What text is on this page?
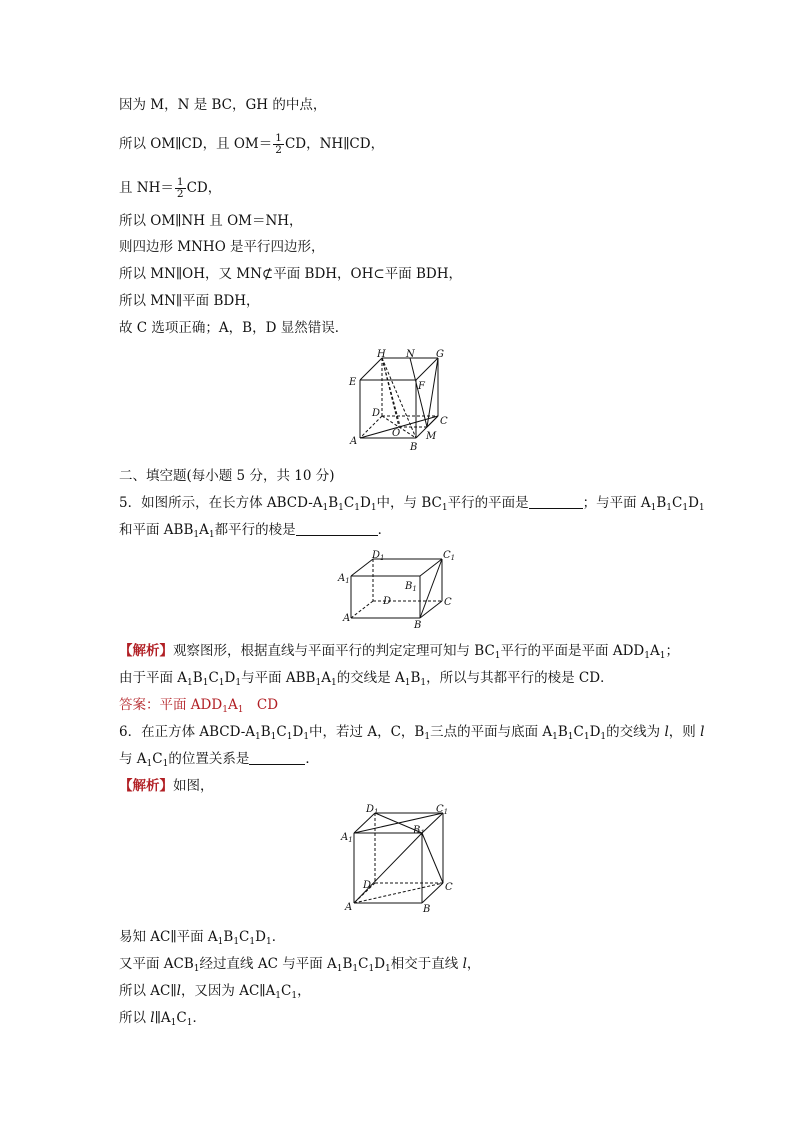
因为 M，N 是 BC，GH 的中点，
所以 OM∥CD，且 $OM= \frac{1}{2}$ CD，NH∥CD，
且 $NH= \frac{1}{2}$ CD，
所以 OM∥NH 且 OM＝NH，
则四边形 MNHO 是平行四边形，
所以 MN∥OH，又 MN⊄平面 BDH，OH⊂平面 BDH，
所以 MN∥平面 BDH，
故 C 选项正确；A，B，D 显然错误．
H N G
E	F
D
O
C
A	M
B
二、填空题(每小题 5 分，共 10 分)
5．如图所示，在长方体 ABCD-$A_1B_1C_1D_1$中，与 $BC_1$平行的平面是	；与平面 $A_1B_1C_1D_1$
和平面 $ABB_1A_1$都平行的棱是	．
$D_1$	$C_1$
$A_1$	$B_1$
D	C
A
B
【解析】观察图形，根据直线与平面平行的判定定理可知与 $BC_1$平行的平面是平面 $ADD_1A_1$；
由于平面 $A_1B_1C_1D_1$与平面 $ABB_1A_1$的交线是 $A_1B_1$，所以与其都平行的棱是 CD．
答案：平面 $ADD_1A_1$　CD
6．在正方体 ABCD-$A_1B_1C_1D_1$中，若过 A，C，$B_1$三点的平面与底面 $A_1B_1C_1D_1$的交线为 l，则 l
与 $A_1C_1$的位置关系是	．
【解析】如图，
$D_1$	$C_1$
$A_1$
$B_1$
D	C
A	B
易知 AC∥平面 $A_1B_1C_1D_1$．
又平面 $ACB_1$经过直线 AC 与平面 $A_1B_1C_1D_1$相交于直线 l，
所以 AC∥l，又因为 $AC\parallel A_1C_1$，
所以 $l\parallel A_1C_1$．
